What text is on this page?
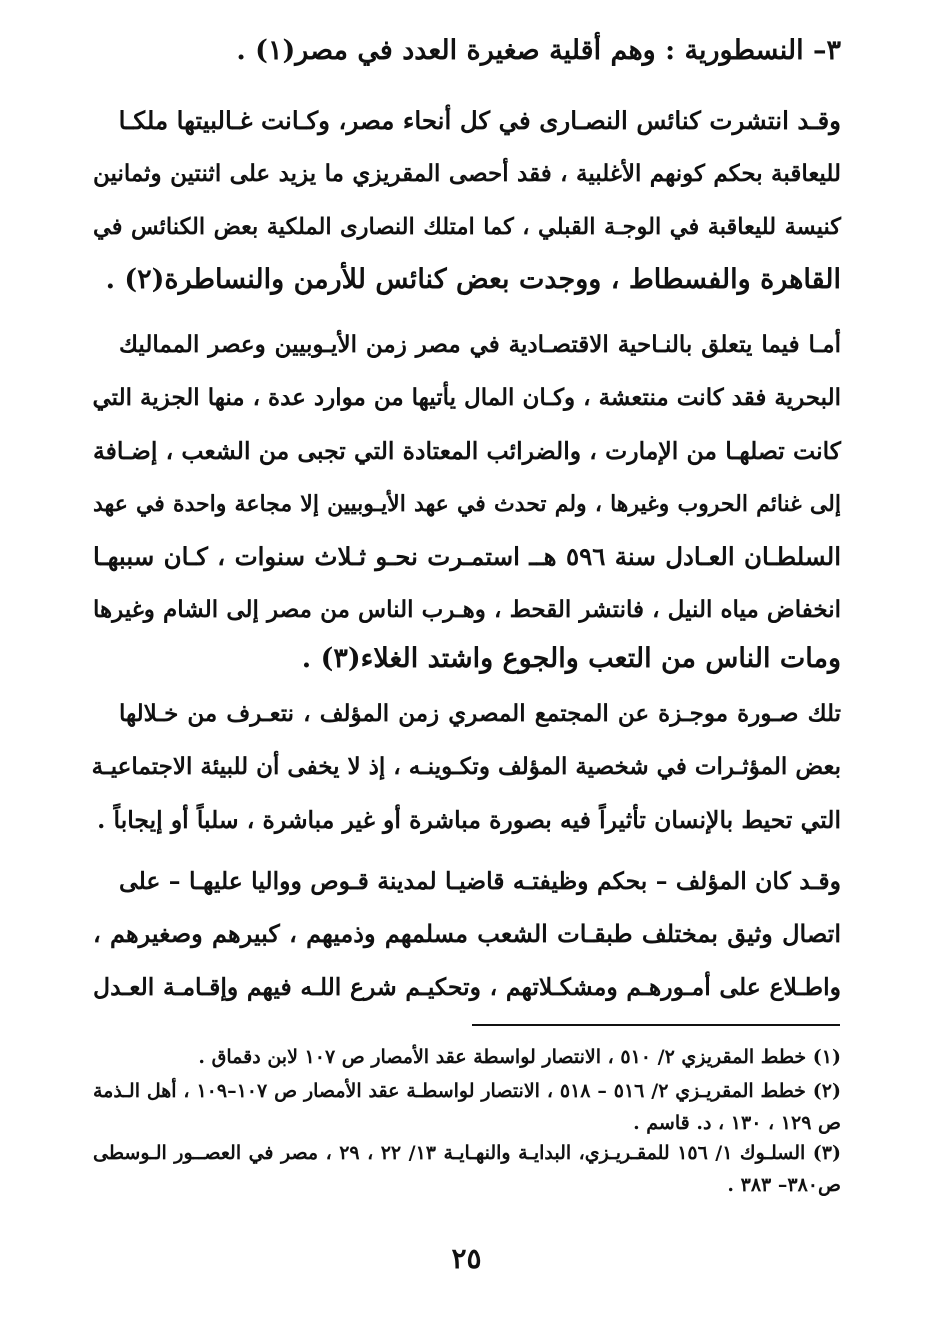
٣– النسطورية : وهم أقلية صغيرة العدد في مصر(١) .
وقـد انتشرت كنائس النصـارى في كل أنحاء مصر، وكـانت غـالبيتها ملكـا
لليعاقبة بحكم كونهم الأغلبية ، فقد أحصى المقريزي ما يزيد على اثنتين وثمانين
كنيسة لليعاقبة في الوجـة القبلي ، كما امتلك النصارى الملكية بعض الكنائس في
القاهرة والفسطاط ، ووجدت بعض كنائس للأرمن والنساطرة(٢) .
أمـا فيما يتعلق بالنـاحية الاقتصـادية في مصر زمن الأيـوبيين وعصر المماليك
البحرية فقد كانت منتعشة ، وكـان المال يأتيها من موارد عدة ، منها الجزية التي
كانت تصلهـا من الإمارت ، والضرائب المعتادة التي تجبى من الشعب ، إضـافة
إلى غنائم الحروب وغيرها ، ولم تحدث في عهد الأيـوبيين إلا مجاعة واحدة في عهد
السلطـان العـادل سنة ٥٩٦ هــ استمـرت نحـو ثـلاث سنوات ، كـان سببهـا
انخفاض مياه النيل ، فانتشر القحط ، وهـرب الناس من مصر إلى الشام وغيرها
ومات الناس من التعب والجوع واشتد الغلاء(٣) .
تلك صـورة موجـزة عن المجتمع المصري زمن المؤلف ، نتعـرف من خـلالها
بعض المؤثـرات في شخصية المؤلف وتكـوينـه ، إذ لا يخفى أن للبيئة الاجتماعيـة
التي تحيط بالإنسان تأثيراً فيه بصورة مباشرة أو غير مباشرة ، سلباً أو إيجاباً .
وقـد كان المؤلف – بحكم وظيفتـه قاضيـا لمدينة قـوص وواليا عليهـا – على
اتصال وثيق بمختلف طبقـات الشعب مسلمهم وذميهم ، كبيرهم وصغيرهم ،
واطـلاع على أمـورهـم ومشكـلاتهم ، وتحكيـم شرع اللـه فيهم وإقـامـة العـدل
(١) خطط المقريزي ٢/ ٥١٠ ، الانتصار لواسطة عقد الأمصار ص ١٠٧ لابن دقماق .
(٢) خطط المقريـزي ٢/ ٥١٦ – ٥١٨ ، الانتصار لواسطـة عقد الأمصار ص ١٠٧–١٠٩ ، أهل الـذمة
ص ١٢٩ ، ١٣٠ ، د. قاسم .
(٣) السلـوك ١/ ١٥٦ للمقـريـزي، البدايـة والنهـايـة ١٣/ ٢٢ ، ٢٩ ، مصر في العصــور الـوسطى
ص٣٨٠– ٣٨٣ .
٢٥
